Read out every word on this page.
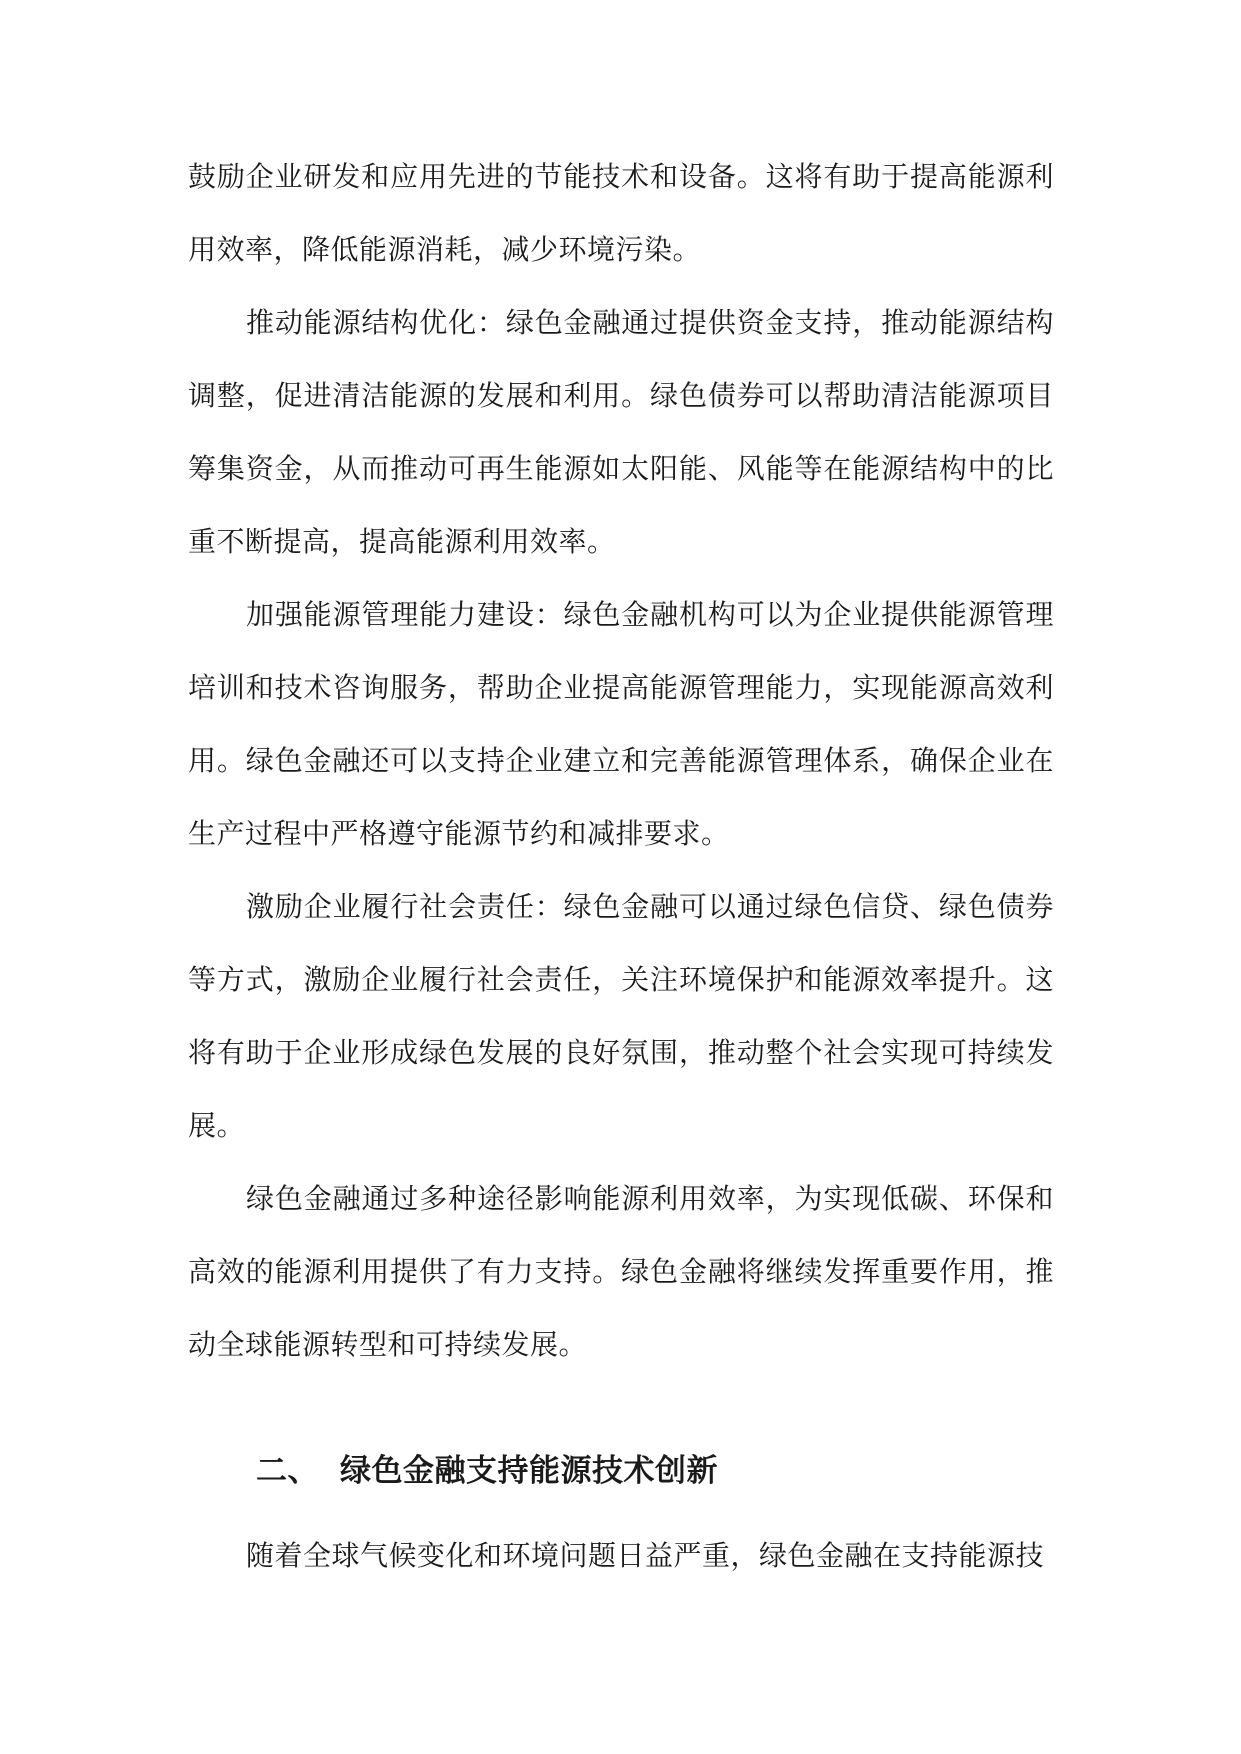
鼓励企业研发和应用先进的节能技术和设备。这将有助于提高能源利用效率，降低能源消耗，减少环境污染。

推动能源结构优化：绿色金融通过提供资金支持，推动能源结构调整，促进清洁能源的发展和利用。绿色债券可以帮助清洁能源项目筹集资金，从而推动可再生能源如太阳能、风能等在能源结构中的比重不断提高，提高能源利用效率。

加强能源管理能力建设：绿色金融机构可以为企业提供能源管理培训和技术咨询服务，帮助企业提高能源管理能力，实现能源高效利用。绿色金融还可以支持企业建立和完善能源管理体系，确保企业在生产过程中严格遵守能源节约和减排要求。

激励企业履行社会责任：绿色金融可以通过绿色信贷、绿色债券等方式，激励企业履行社会责任，关注环境保护和能源效率提升。这将有助于企业形成绿色发展的良好氛围，推动整个社会实现可持续发展。

绿色金融通过多种途径影响能源利用效率，为实现低碳、环保和高效的能源利用提供了有力支持。绿色金融将继续发挥重要作用，推动全球能源转型和可持续发展。

二、 绿色金融支持能源技术创新

随着全球气候变化和环境问题日益严重，绿色金融在支持能源技
